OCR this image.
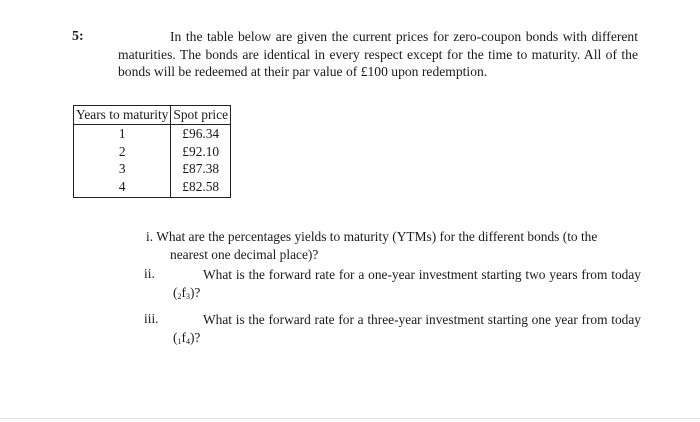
5:	In the table below are given the current prices for zero-coupon bonds with different maturities. The bonds are identical in every respect except for the time to maturity. All of the bonds will be redeemed at their par value of £100 upon redemption.
Years to maturity	Spot price
1	£96.34
2	£92.10
3	£87.38
4	£82.58
i. What are the percentages yields to maturity (YTMs) for the different bonds (to the
nearest one decimal place)?
ii.	What is the forward rate for a one-year investment starting two years from today $(_2f_3)$?
iii.	What is the forward rate for a three-year investment starting one year from today $(_1f_4)$?
